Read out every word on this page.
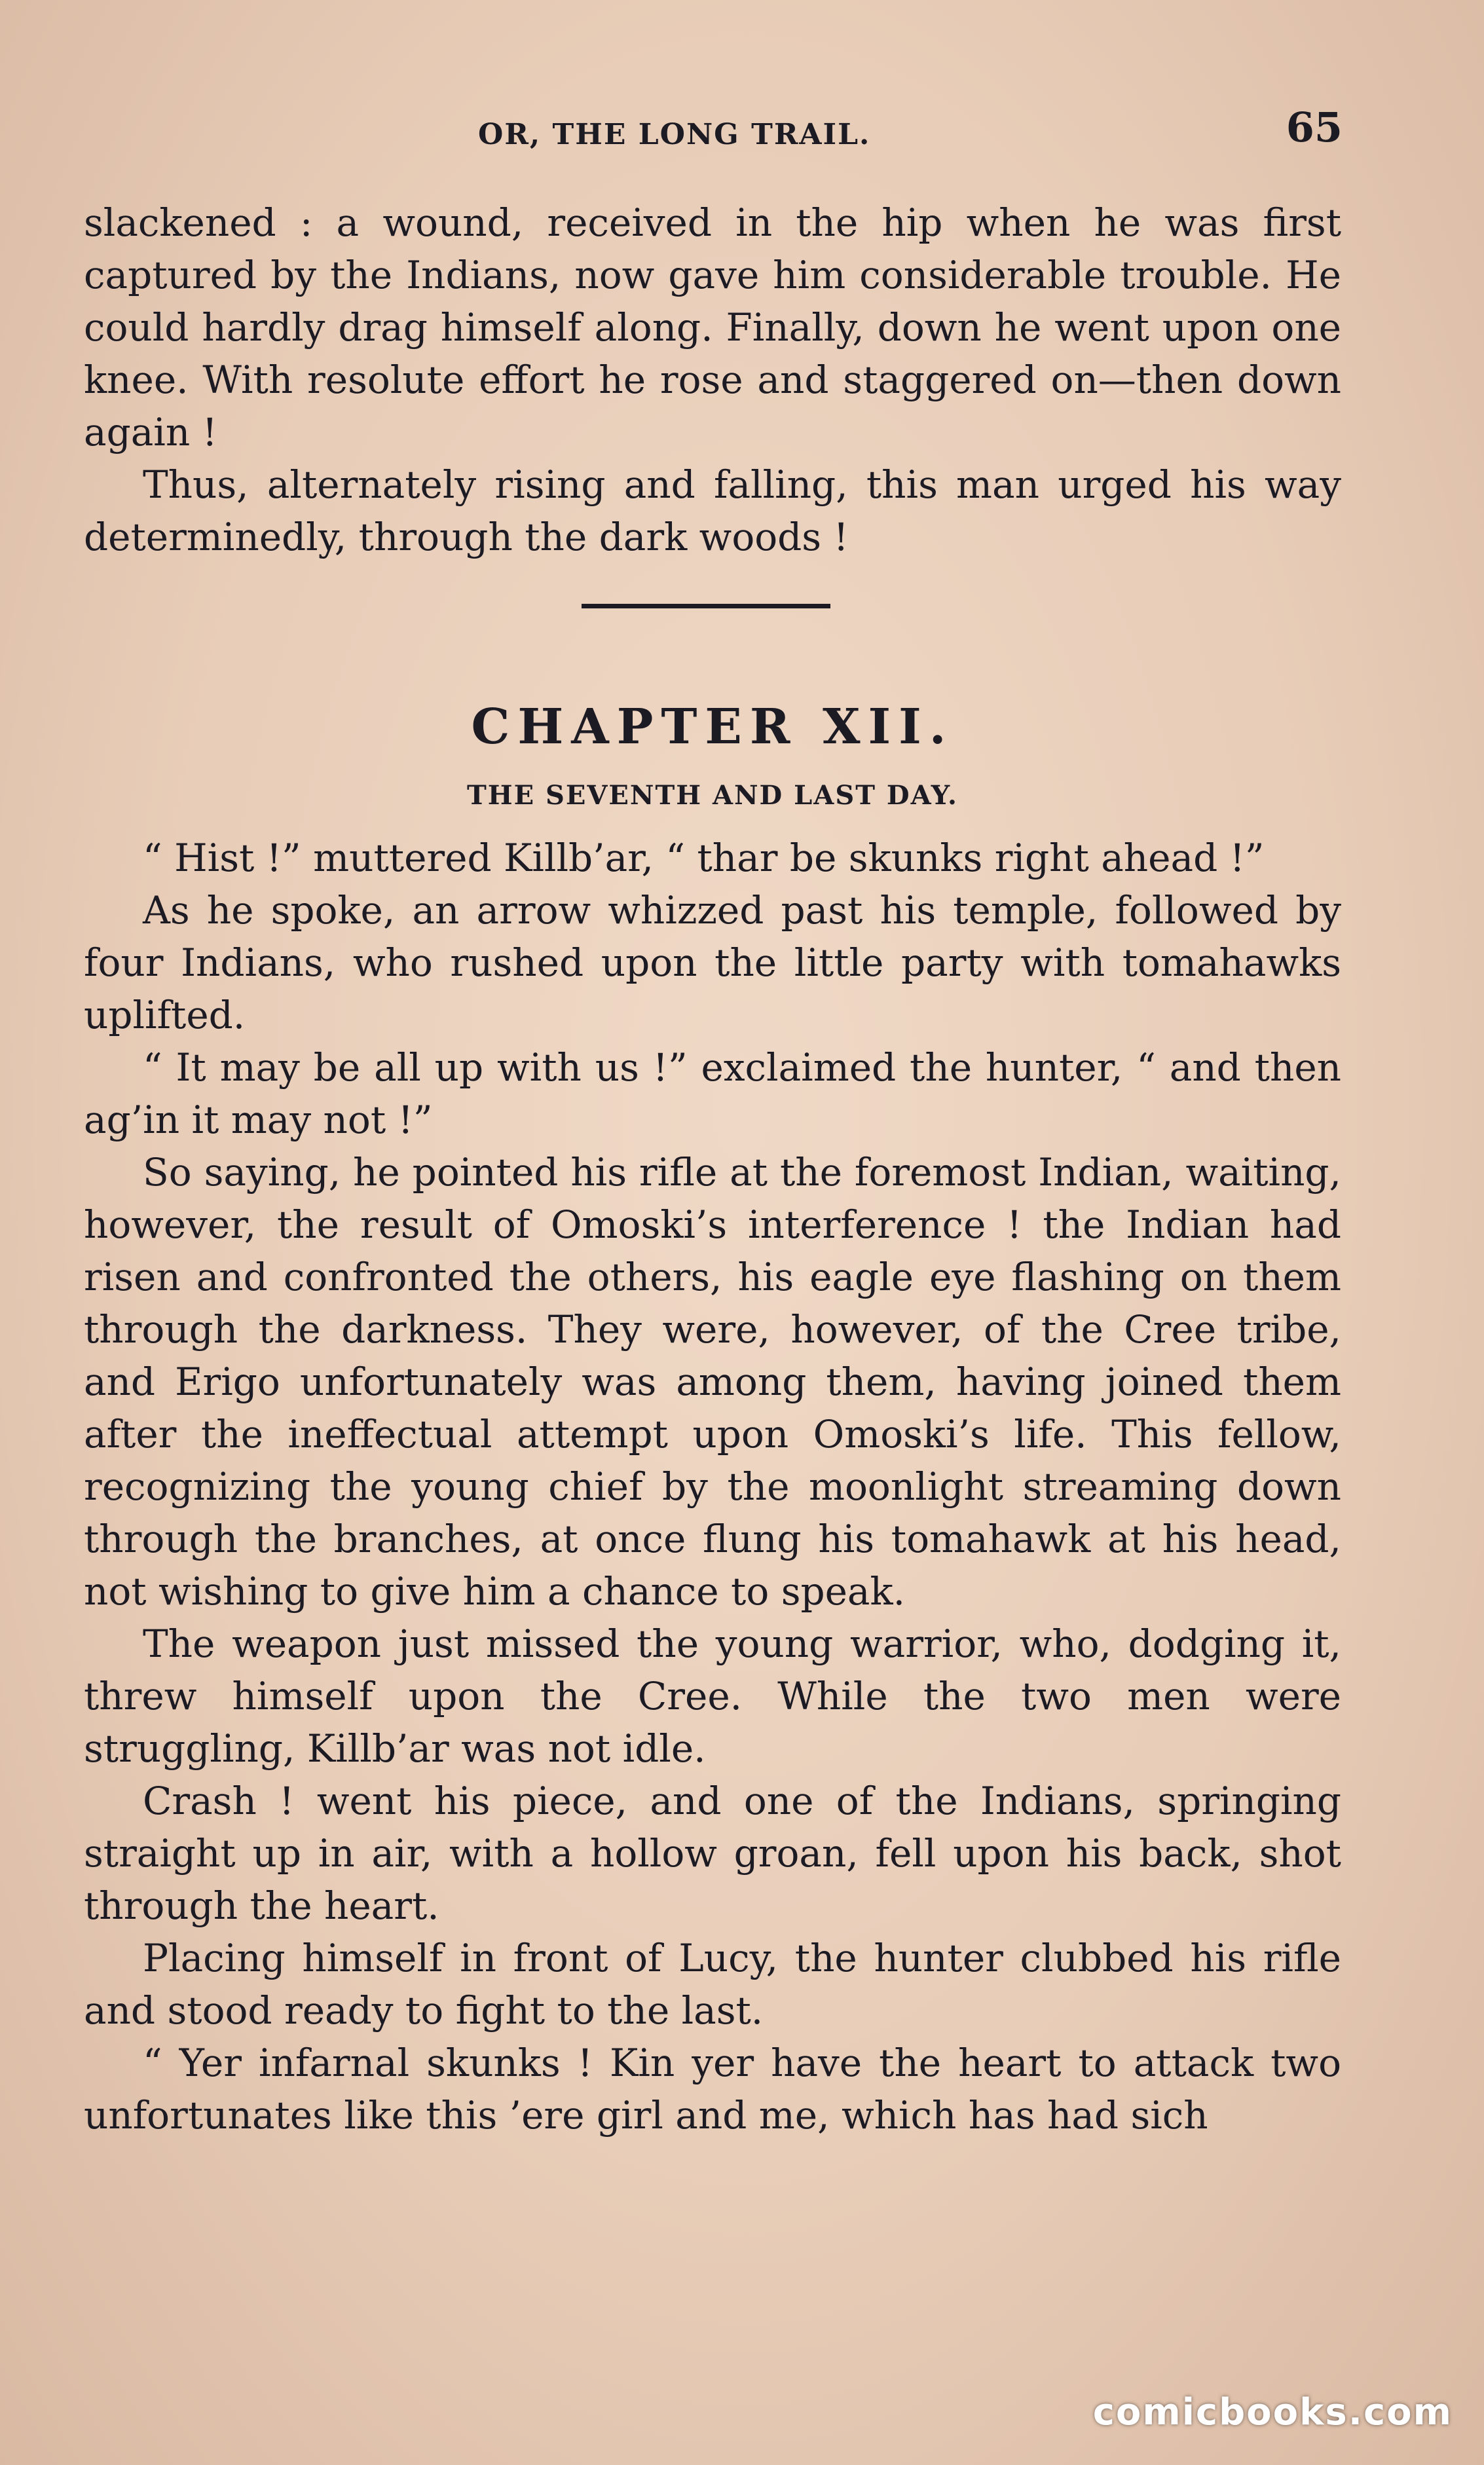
OR, THE LONG TRAIL.	65

slackened : a wound, received in the hip when he was first captured by the Indians, now gave him considerable trouble. He could hardly drag himself along. Finally, down he went upon one knee. With resolute effort he rose and staggered on—then down again !

Thus, alternately rising and falling, this man urged his way determinedly, through the dark woods !

CHAPTER XII.
THE SEVENTH AND LAST DAY.

“ Hist !” muttered Killb’ar, “ thar be skunks right ahead !”

As he spoke, an arrow whizzed past his temple, followed by four Indians, who rushed upon the little party with tomahawks uplifted.

“ It may be all up with us !” exclaimed the hunter, “ and then ag’in it may not !”

So saying, he pointed his rifle at the foremost Indian, waiting, however, the result of Omoski’s interference ! the Indian had risen and confronted the others, his eagle eye flashing on them through the darkness. They were, however, of the Cree tribe, and Erigo unfortunately was among them, having joined them after the ineffectual attempt upon Omoski’s life. This fellow, recognizing the young chief by the moonlight streaming down through the branches, at once flung his tomahawk at his head, not wishing to give him a chance to speak.

The weapon just missed the young warrior, who, dodging it, threw himself upon the Cree. While the two men were struggling, Killb’ar was not idle.

Crash ! went his piece, and one of the Indians, springing straight up in air, with a hollow groan, fell upon his back, shot through the heart.

Placing himself in front of Lucy, the hunter clubbed his rifle and stood ready to fight to the last.

“ Yer infarnal skunks ! Kin yer have the heart to attack two unfortunates like this ’ere girl and me, which has had sich

comicbooks.com
